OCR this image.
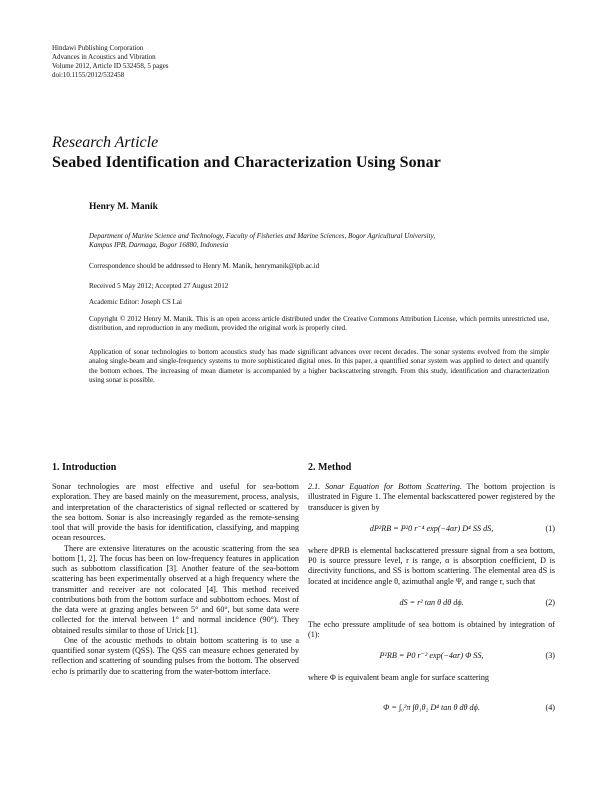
Hindawi Publishing Corporation
Advances in Acoustics and Vibration
Volume 2012, Article ID 532458, 5 pages
doi:10.1155/2012/532458
Research Article
Seabed Identification and Characterization Using Sonar
Henry M. Manik
Department of Marine Science and Technology, Faculty of Fisheries and Marine Sciences, Bogor Agricultural University,
Kampus IPB, Darmaga, Bogor 16880, Indonesia
Correspondence should be addressed to Henry M. Manik, henrymanik@ipb.ac.id
Received 5 May 2012; Accepted 27 August 2012
Academic Editor: Joseph CS Lai
Copyright © 2012 Henry M. Manik. This is an open access article distributed under the Creative Commons Attribution License, which permits unrestricted use, distribution, and reproduction in any medium, provided the original work is properly cited.
Application of sonar technologies to bottom acoustics study has made significant advances over recent decades. The sonar systems evolved from the simple analog single-beam and single-frequency systems to more sophisticated digital ones. In this paper, a quantified sonar system was applied to detect and quantify the bottom echoes. The increasing of mean diameter is accompanied by a higher backscattering strength. From this study, identification and characterization using sonar is possible.
1. Introduction

Sonar technologies are most effective and useful for sea-bottom exploration. They are based mainly on the measurement, process, analysis, and interpretation of the characteristics of signal reflected or scattered by the sea bottom. Sonar is also increasingly regarded as the remote-sensing tool that will provide the basis for identification, classifying, and mapping ocean resources.

There are extensive literatures on the acoustic scattering from the sea bottom [1, 2]. The focus has been on low-frequency features in application such as subbottom classification [3]. Another feature of the sea-bottom scattering has been experimentally observed at a high frequency where the transmitter and receiver are not colocated [4]. This method received contributions both from the bottom surface and subbottom echoes. Most of the data were at grazing angles between 5° and 60°, but some data were collected for the interval between 1° and normal incidence (90°). They obtained results similar to those of Urick [1].

One of the acoustic methods to obtain bottom scattering is to use a quantified sonar system (QSS). The QSS can measure echoes generated by reflection and scattering of sounding pulses from the bottom. The observed echo is primarily due to scattering from the water-bottom interface.

2. Method

2.1. Sonar Equation for Bottom Scattering. The bottom projection is illustrated in Figure 1. The elemental backscattered power registered by the transducer is given by

dP²RB = P²0 r⁻⁴ exp(−4αr) D⁴ SS dS,	(1)

where dPRB is elemental backscattered pressure signal from a sea bottom, P0 is source pressure level, r is range, α is absorption coefficient, D is directivity functions, and SS is bottom scattering. The elemental area dS is located at incidence angle θ, azimuthal angle Ψ, and range r, such that

dS = r² tan θ dθ dϕ.	(2)

The echo pressure amplitude of sea bottom is obtained by integration of (1):

P²RB = P0 r⁻² exp(−4αr) Φ SS,	(3)

where Φ is equivalent beam angle for surface scattering

Φ = ∫₀²π ∫θ₁θ₂ D⁴ tan θ dθ dϕ.	(4)
